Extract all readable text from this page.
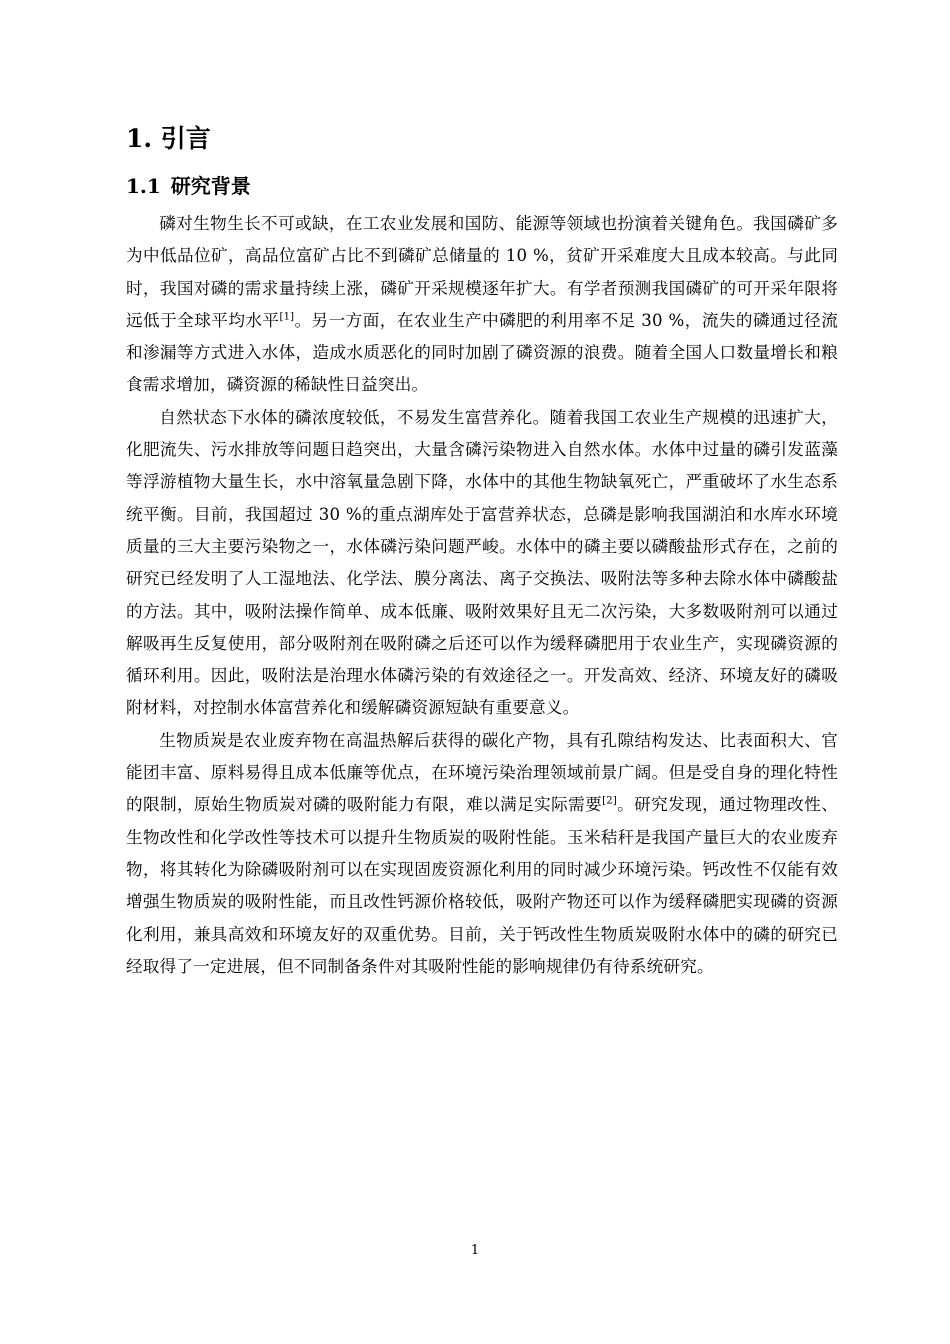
1. 引言
1.1 研究背景

磷对生物生长不可或缺，在工农业发展和国防、能源等领域也扮演着关键角色。我国磷矿多为中低品位矿，高品位富矿占比不到磷矿总储量的 10 %，贫矿开采难度大且成本较高。与此同时，我国对磷的需求量持续上涨，磷矿开采规模逐年扩大。有学者预测我国磷矿的可开采年限将远低于全球平均水平[1]。另一方面，在农业生产中磷肥的利用率不足 30 %，流失的磷通过径流和渗漏等方式进入水体，造成水质恶化的同时加剧了磷资源的浪费。随着全国人口数量增长和粮食需求增加，磷资源的稀缺性日益突出。

自然状态下水体的磷浓度较低，不易发生富营养化。随着我国工农业生产规模的迅速扩大，化肥流失、污水排放等问题日趋突出，大量含磷污染物进入自然水体。水体中过量的磷引发蓝藻等浮游植物大量生长，水中溶氧量急剧下降，水体中的其他生物缺氧死亡，严重破坏了水生态系统平衡。目前，我国超过 30 %的重点湖库处于富营养状态，总磷是影响我国湖泊和水库水环境质量的三大主要污染物之一，水体磷污染问题严峻。水体中的磷主要以磷酸盐形式存在，之前的研究已经发明了人工湿地法、化学法、膜分离法、离子交换法、吸附法等多种去除水体中磷酸盐的方法。其中，吸附法操作简单、成本低廉、吸附效果好且无二次污染，大多数吸附剂可以通过解吸再生反复使用，部分吸附剂在吸附磷之后还可以作为缓释磷肥用于农业生产，实现磷资源的循环利用。因此，吸附法是治理水体磷污染的有效途径之一。开发高效、经济、环境友好的磷吸附材料，对控制水体富营养化和缓解磷资源短缺有重要意义。

生物质炭是农业废弃物在高温热解后获得的碳化产物，具有孔隙结构发达、比表面积大、官能团丰富、原料易得且成本低廉等优点，在环境污染治理领域前景广阔。但是受自身的理化特性的限制，原始生物质炭对磷的吸附能力有限，难以满足实际需要[2]。研究发现，通过物理改性、生物改性和化学改性等技术可以提升生物质炭的吸附性能。玉米秸秆是我国产量巨大的农业废弃物，将其转化为除磷吸附剂可以在实现固废资源化利用的同时减少环境污染。钙改性不仅能有效增强生物质炭的吸附性能，而且改性钙源价格较低，吸附产物还可以作为缓释磷肥实现磷的资源化利用，兼具高效和环境友好的双重优势。目前，关于钙改性生物质炭吸附水体中的磷的研究已经取得了一定进展，但不同制备条件对其吸附性能的影响规律仍有待系统研究。

1
